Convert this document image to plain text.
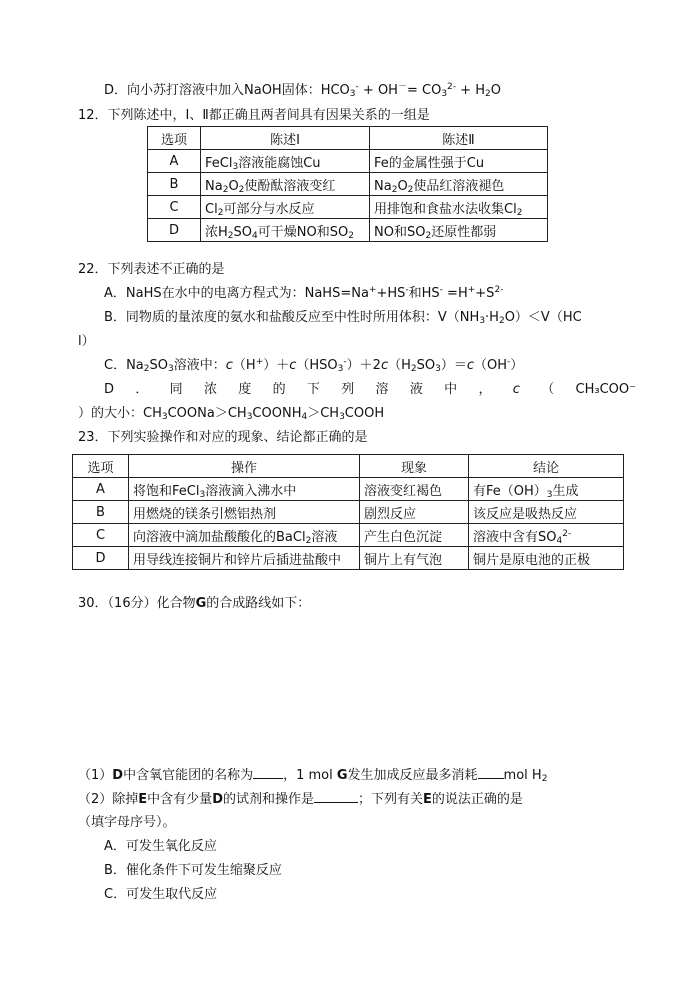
D．向小苏打溶液中加入NaOH固体：$HCO_3^- + OH^-= CO_3^{2-} + H_2O$
12．下列陈述中，Ⅰ、Ⅱ都正确且两者间具有因果关系的一组是
选项	陈述Ⅰ	陈述Ⅱ
A	FeCl$_3$溶液能腐蚀Cu	Fe的金属性强于Cu
B	$Na_2O_2$使酚酞溶液变红	$Na_2O_2$使品红溶液褪色
C	$Cl_2$可部分与水反应	用排饱和食盐水法收集$Cl_2$
D	浓$H_2SO_4$可干燥NO和$SO_2$	NO和$SO_2$还原性都弱
22．下列表述不正确的是
A．NaHS在水中的电离方程式为：NaHS=Na++HS-和$HS^- =H^++S^{2-}$
B．同物质的量浓度的氨水和盐酸反应至中性时所用体积：$V(NH_3\cdot H_2O)<V(HC$
l）
C．$Na_2SO_3$溶液中：$c(H^+)+c(HSO_3^-)+2c(H_2SO_3)=c(OH^-)$
D ． 同 浓 度 的 下 列 溶 液 中 ， c （ CH₃COO⁻
）的大小：$CH_3COONa>CH_3COONH_4>CH_3COOH$
23．下列实验操作和对应的现象、结论都正确的是
选项	操作	现象	结论
A	将饱和FeCl$_3$溶液滴入沸水中	溶液变红褐色	有$Fe(OH)_3$生成
B	用燃烧的镁条引燃铝热剂	剧烈反应	该反应是吸热反应
C	向溶液中滴加盐酸酸化的BaCl$_2$溶液	产生白色沉淀	溶液中含有$SO_4^{2-}$
D	用导线连接铜片和锌片后插进盐酸中	铜片上有气泡	铜片是原电池的正极
30．（16分）化合物G的合成路线如下：
（1）D中含氧官能团的名称为 ，1 mol G发生加成反应最多消耗 mol $H_2$
（2）除掉E中含有少量D的试剂和操作是	；下列有关E的说法正确的是
（填字母序号）。
A．可发生氧化反应
B．催化条件下可发生缩聚反应
C．可发生取代反应
